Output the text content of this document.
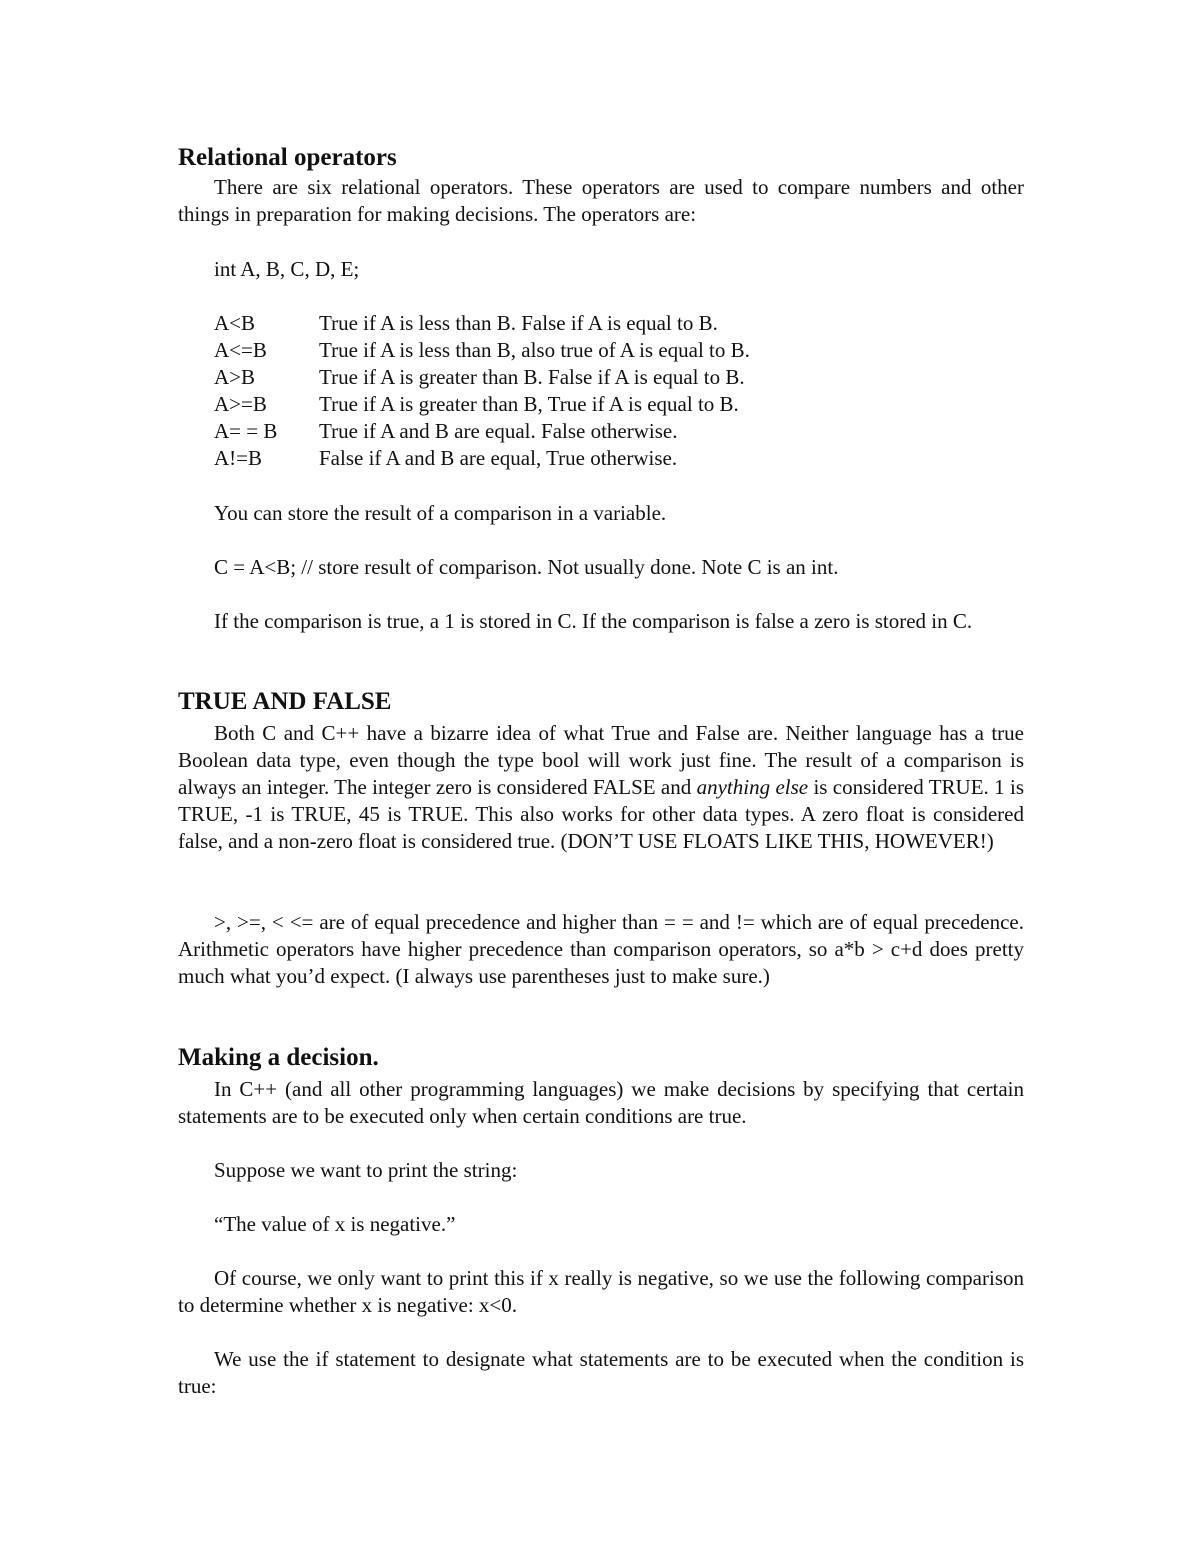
Relational operators

There are six relational operators. These operators are used to compare numbers and other things in preparation for making decisions. The operators are:

int A, B, C, D, E;

A<B	True if A is less than B. False if A is equal to B.
A<=B True if A is less than B, also true of A is equal to B.
A>B	True if A is greater than B. False if A is equal to B.
A>=B True if A is greater than B, True if A is equal to B.
A= = B True if A and B are equal. False otherwise.
A!=B	False if A and B are equal, True otherwise.

You can store the result of a comparison in a variable.

C = A<B; // store result of comparison. Not usually done. Note C is an int.

If the comparison is true, a 1 is stored in C. If the comparison is false a zero is stored in C.

TRUE AND FALSE

Both C and C++ have a bizarre idea of what True and False are. Neither language has a true Boolean data type, even though the type bool will work just fine. The result of a comparison is always an integer. The integer zero is considered FALSE and anything else is considered TRUE. 1 is TRUE, -1 is TRUE, 45 is TRUE. This also works for other data types. A zero float is considered false, and a non-zero float is considered true. (DON’T USE FLOATS LIKE THIS, HOWEVER!)

>, >=, < <= are of equal precedence and higher than = = and != which are of equal precedence. Arithmetic operators have higher precedence than comparison operators, so a*b > c+d does pretty much what you’d expect. (I always use parentheses just to make sure.)

Making a decision.

In C++ (and all other programming languages) we make decisions by specifying that certain statements are to be executed only when certain conditions are true.

Suppose we want to print the string:

“The value of x is negative.”

Of course, we only want to print this if x really is negative, so we use the following comparison to determine whether x is negative: x<0.

We use the if statement to designate what statements are to be executed when the condition is true:
